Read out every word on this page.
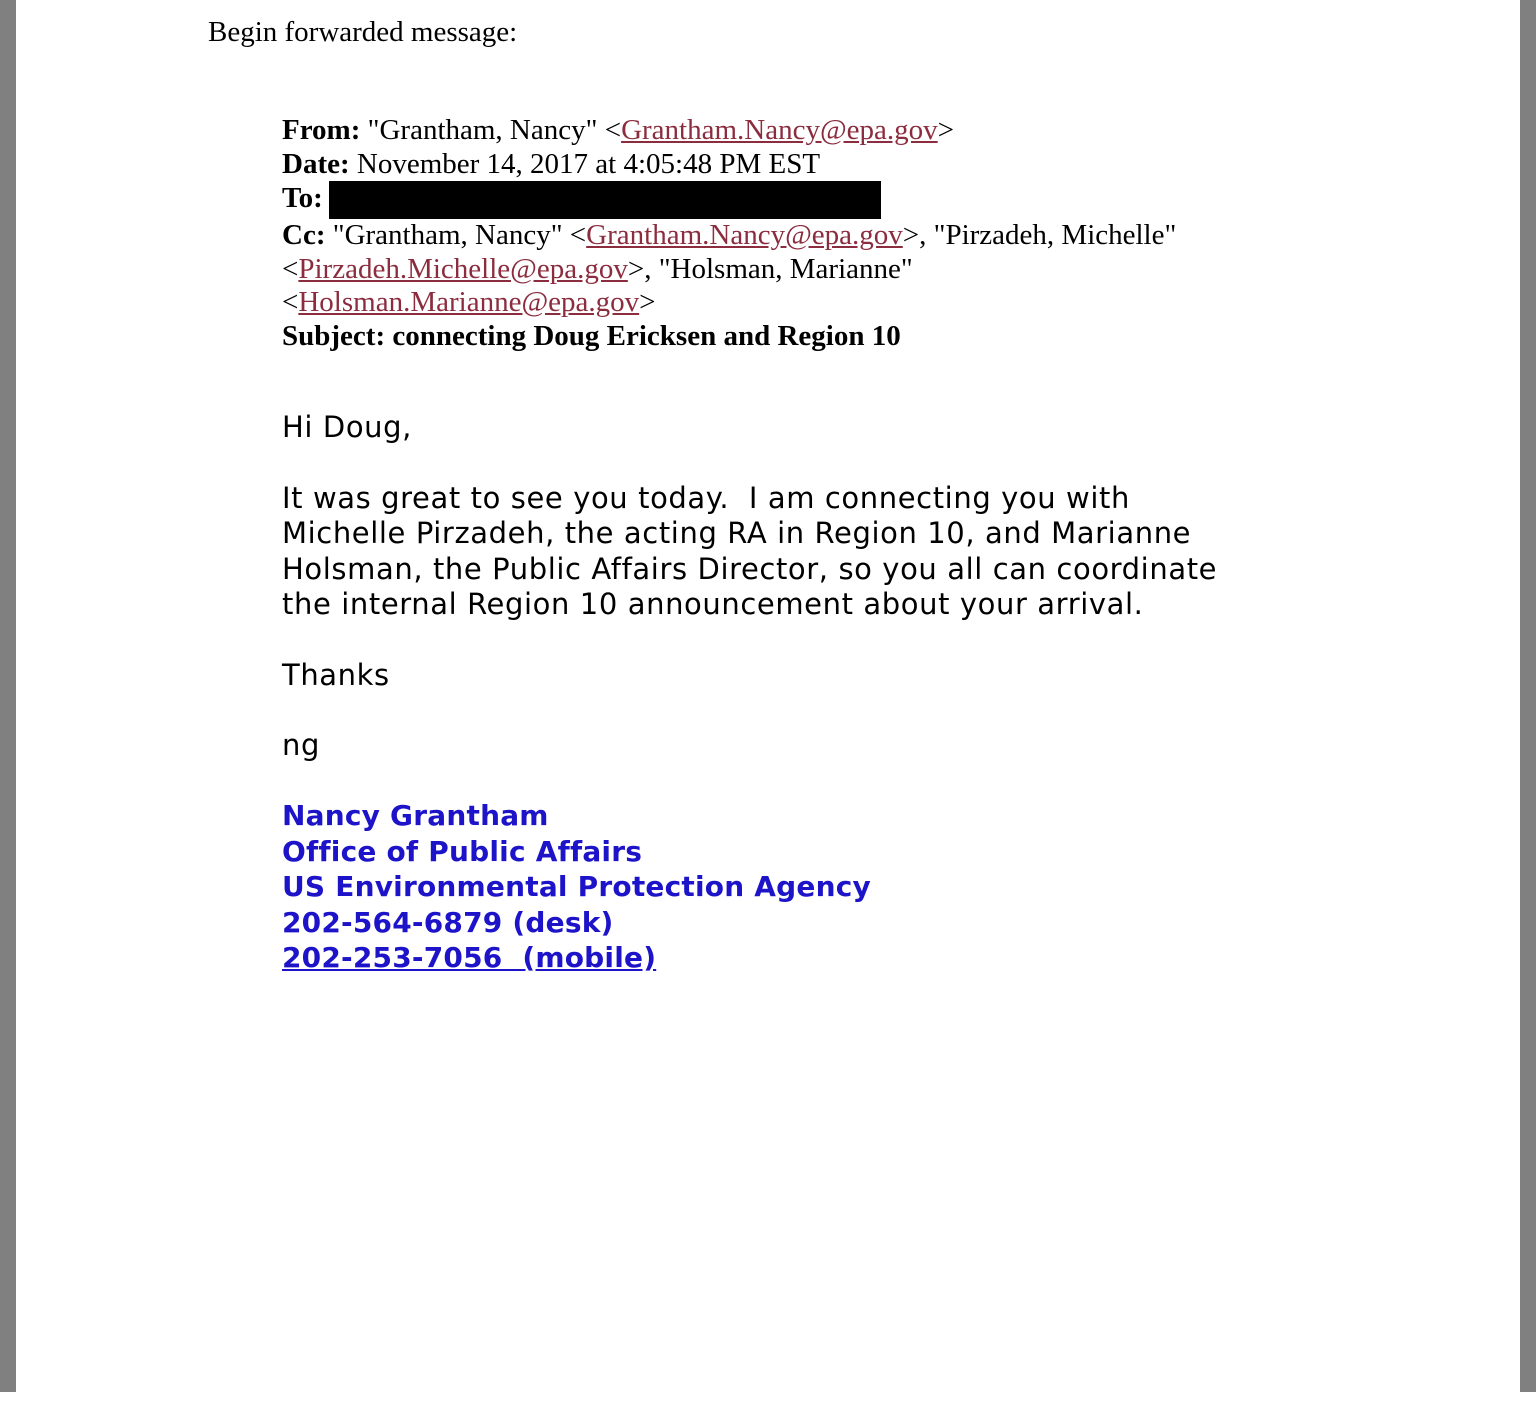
Begin forwarded message:
From: "Grantham, Nancy" <Grantham.Nancy@epa.gov>
Date: November 14, 2017 at 4:05:48 PM EST
To:
Cc: "Grantham, Nancy" <Grantham.Nancy@epa.gov>, "Pirzadeh, Michelle"
<Pirzadeh.Michelle@epa.gov>, "Holsman, Marianne"
<Holsman.Marianne@epa.gov>
Subject: connecting Doug Ericksen and Region 10

Hi Doug,

It was great to see you today.  I am connecting you with
Michelle Pirzadeh, the acting RA in Region 10, and Marianne
Holsman, the Public Affairs Director, so you all can coordinate
the internal Region 10 announcement about your arrival.

Thanks

ng

Nancy Grantham
Office of Public Affairs
US Environmental Protection Agency
202-564-6879 (desk)
202-253-7056  (mobile)
